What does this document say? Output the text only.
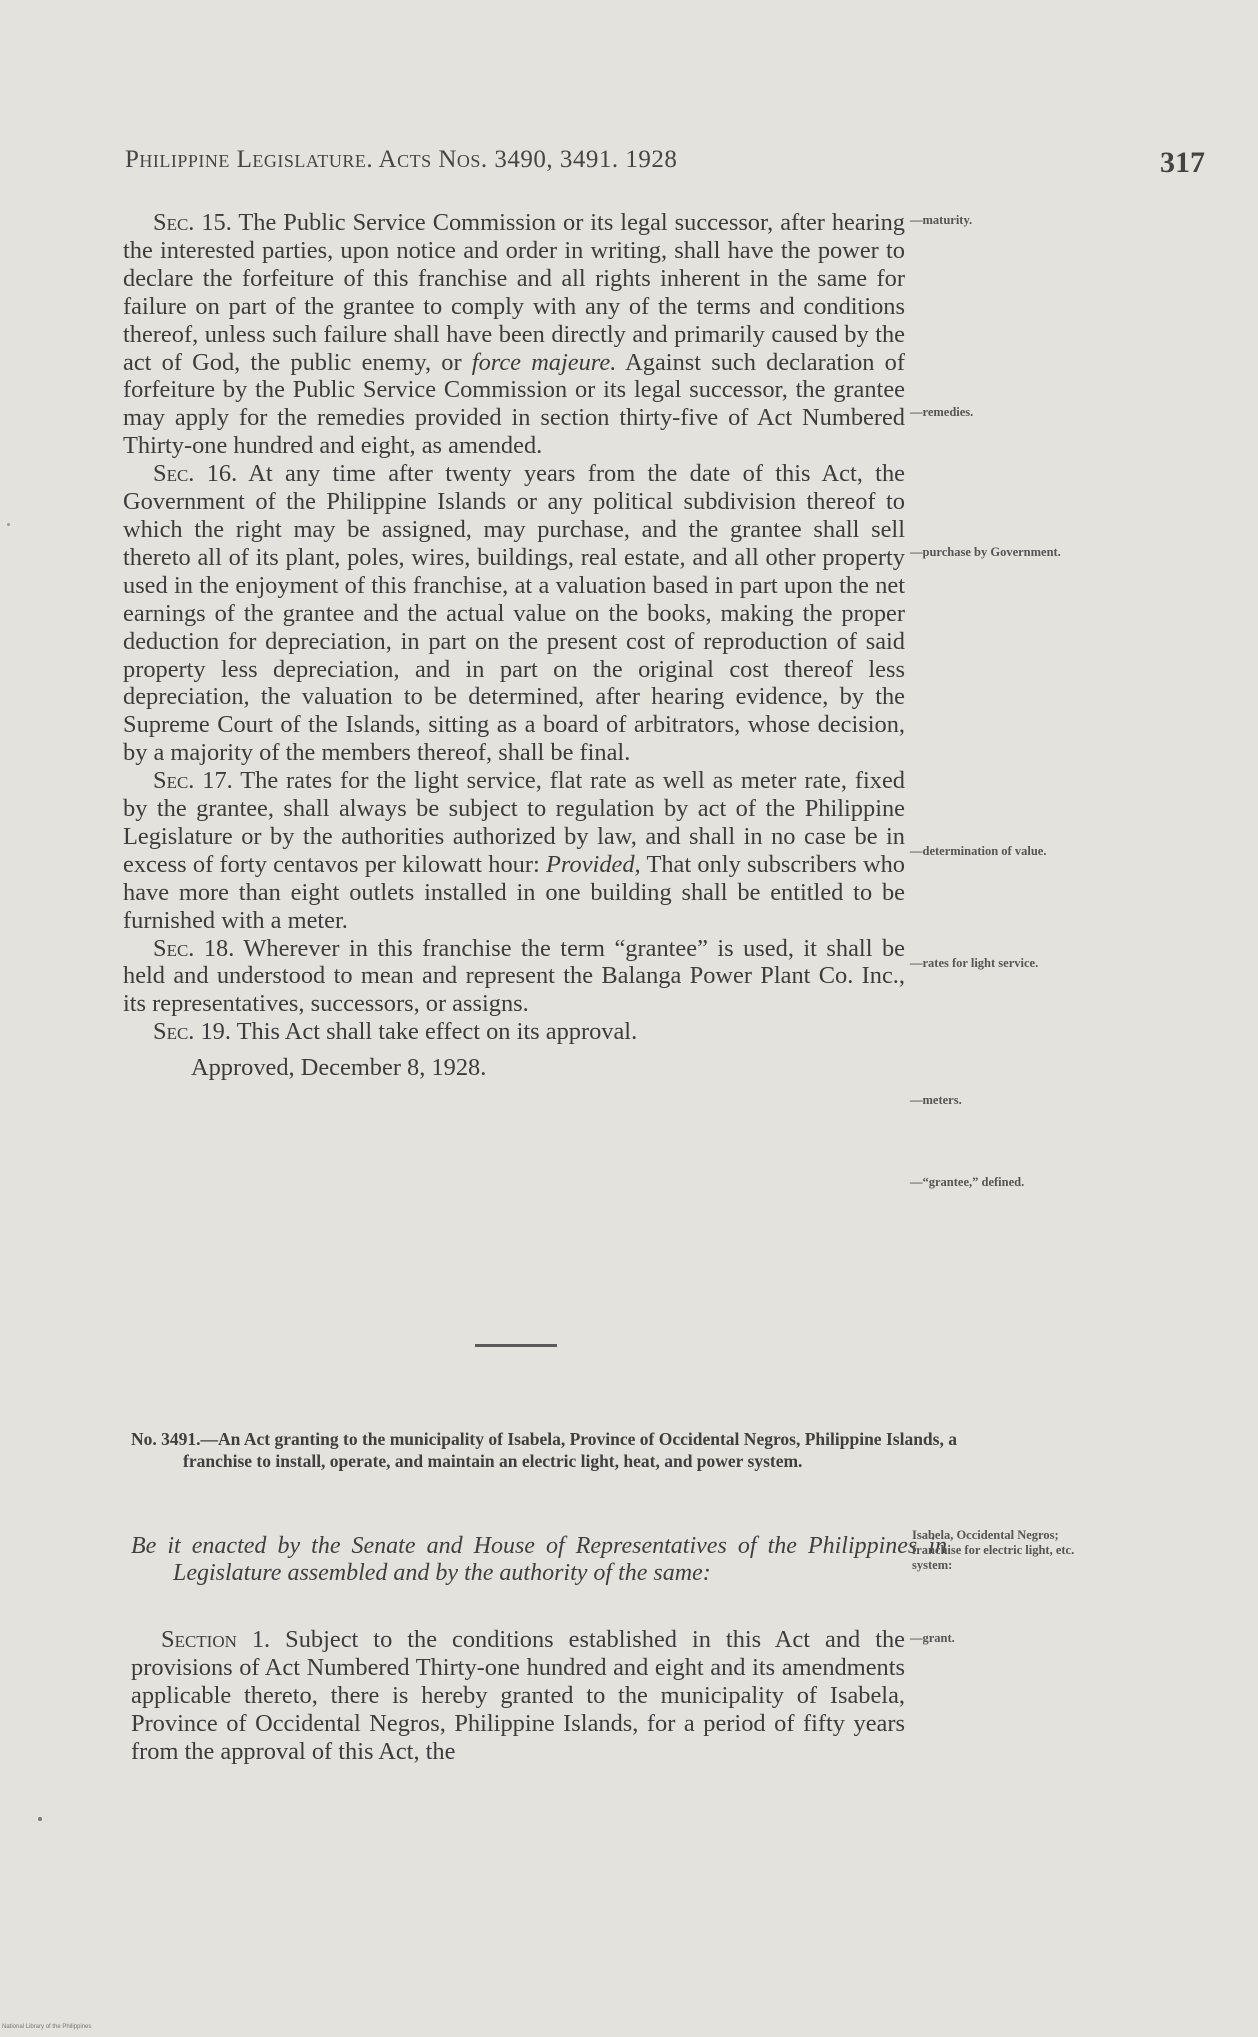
Philippine Legislature. Acts Nos. 3490, 3491. 1928	317

Sec. 15. The Public Service Commission or its legal successor, after hearing the interested parties, upon notice and order in writing, shall have the power to declare the forfeiture of this franchise and all rights inherent in the same for failure on part of the grantee to comply with any of the terms and conditions thereof, unless such failure shall have been directly and primarily caused by the act of God, the public enemy, or force majeure. Against such declaration of forfeiture by the Public Service Commission or its legal successor, the grantee may apply for the remedies provided in section thirty-five of Act Numbered Thirty-one hundred and eight, as amended.

Sec. 16. At any time after twenty years from the date of this Act, the Government of the Philippine Islands or any political subdivision thereof to which the right may be assigned, may purchase, and the grantee shall sell thereto all of its plant, poles, wires, buildings, real estate, and all other property used in the enjoyment of this franchise, at a valuation based in part upon the net earnings of the grantee and the actual value on the books, making the proper deduction for depreciation, in part on the present cost of reproduction of said property less depreciation, and in part on the original cost thereof less depreciation, the valuation to be determined, after hearing evidence, by the Supreme Court of the Islands, sitting as a board of arbitrators, whose decision, by a majority of the members thereof, shall be final.

Sec. 17. The rates for the light service, flat rate as well as meter rate, fixed by the grantee, shall always be subject to regulation by act of the Philippine Legislature or by the authorities authorized by law, and shall in no case be in excess of forty centavos per kilowatt hour: Provided, That only subscribers who have more than eight outlets installed in one building shall be entitled to be furnished with a meter.

Sec. 18. Wherever in this franchise the term “grantee” is used, it shall be held and understood to mean and represent the Balanga Power Plant Co. Inc., its representatives, successors, or assigns.

Sec. 19. This Act shall take effect on its approval.

Approved, December 8, 1928.

No. 3491.—An Act granting to the municipality of Isabela, Province of Occidental Negros, Philippine Islands, a franchise to install, operate, and maintain an electric light, heat, and power system.
Be it enacted by the Senate and House of Representatives of the Philippines in Legislature assembled and by the authority of the same:

Section 1. Subject to the conditions established in this Act and the provisions of Act Numbered Thirty-one hundred and eight and its amendments applicable thereto, there is hereby granted to the municipality of Isabela, Province of Occidental Negros, Philippine Islands, for a period of fifty years from the approval of this Act, the

—maturity.
—remedies.
—purchase by Government.
—determination of value.
—rates for light service.
—meters.
—“grantee,” defined.
Isabela, Occidental Negros; franchise for electric light, etc. system:
—grant.
National Library of the Philippines
